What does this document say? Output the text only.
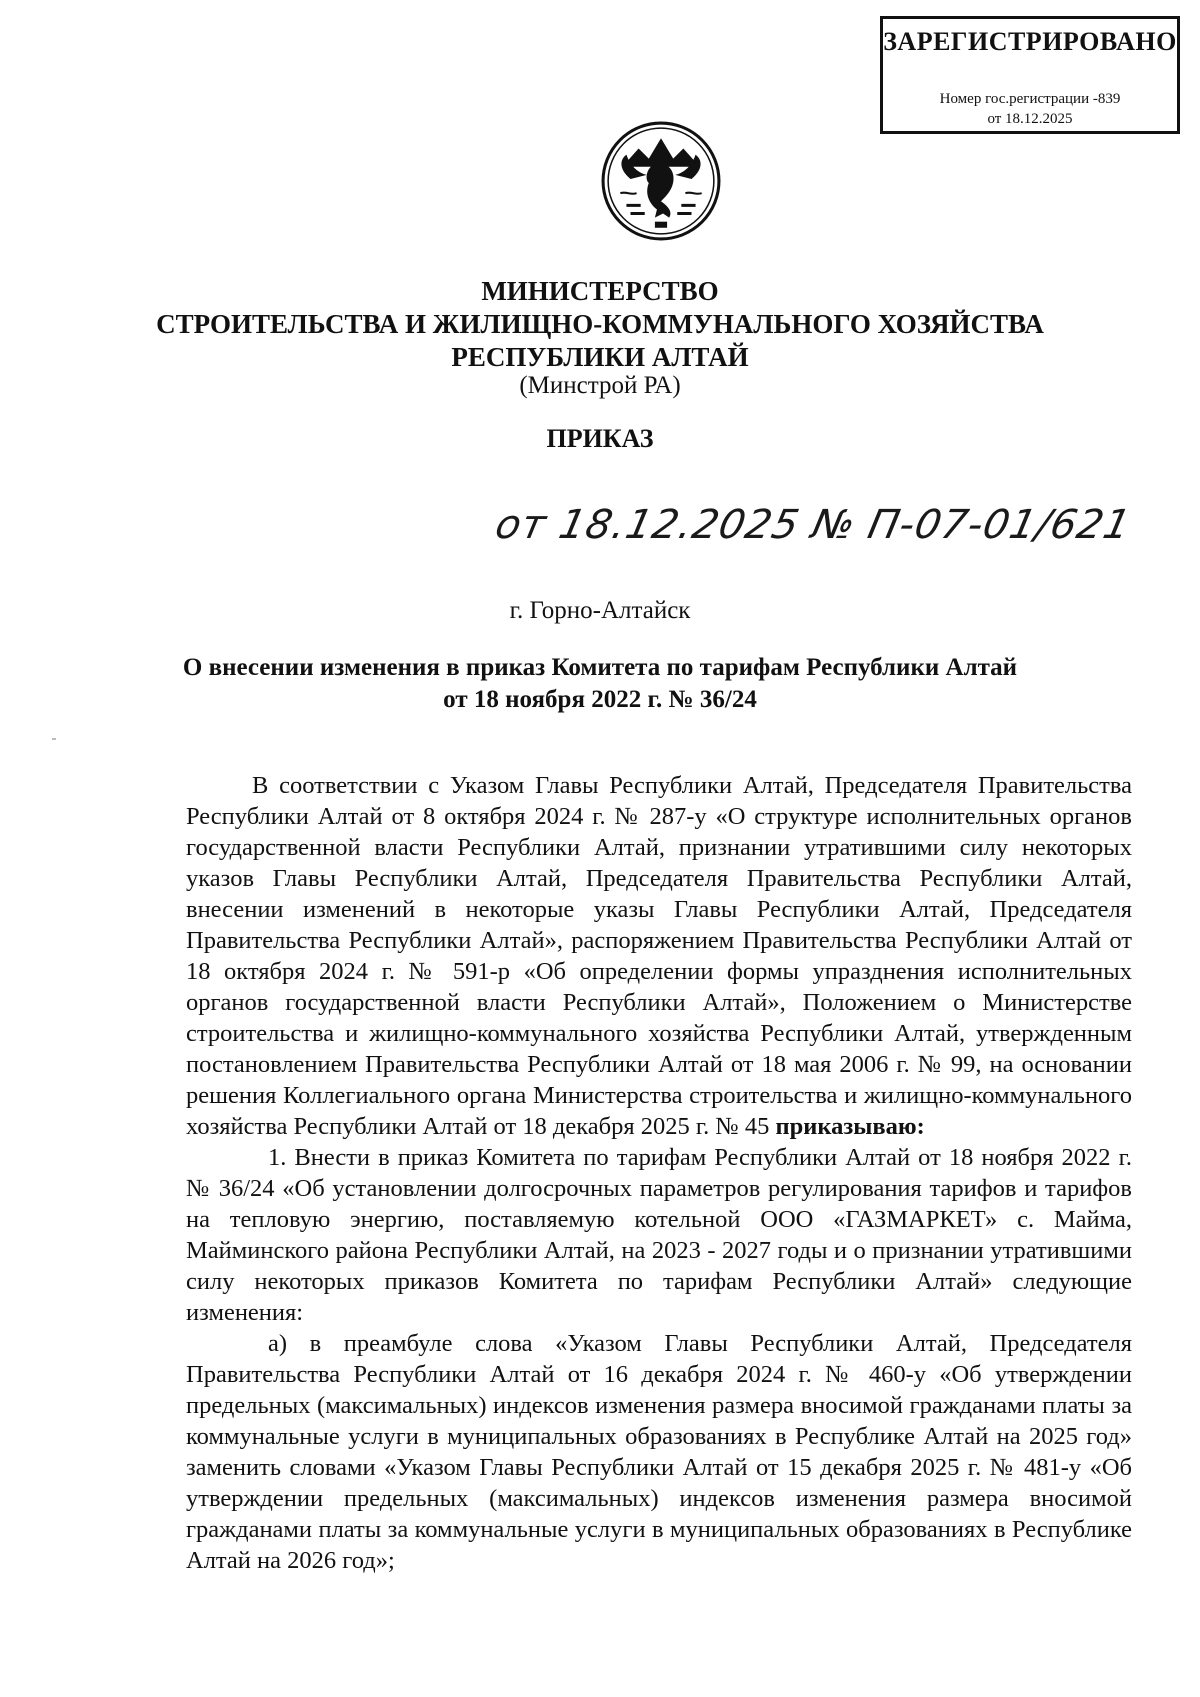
ЗАРЕГИСТРИРОВАНО
Номер гос.регистрации -839
от 18.12.2025
МИНИСТЕРСТВО
СТРОИТЕЛЬСТВА И ЖИЛИЩНО-КОММУНАЛЬНОГО ХОЗЯЙСТВА
РЕСПУБЛИКИ АЛТАЙ
(Минстрой РА)
ПРИКАЗ
от 18.12.2025 № П-07-01/621
г. Горно-Алтайск
О внесении изменения в приказ Комитета по тарифам Республики Алтай
от 18 ноября 2022 г. № 36/24

В соответствии с Указом Главы Республики Алтай, Председателя Правительства Республики Алтай от 8 октября 2024 г. № 287-у «О структуре исполнительных органов государственной власти Республики Алтай, признании утратившими силу некоторых указов Главы Республики Алтай, Председателя Правительства Республики Алтай, внесении изменений в некоторые указы Главы Республики Алтай, Председателя Правительства Республики Алтай», распоряжением Правительства Республики Алтай от 18 октября 2024 г. № 591-р «Об определении формы упразднения исполнительных органов государственной власти Республики Алтай», Положением о Министерстве строительства и жилищно-коммунального хозяйства Республики Алтай, утвержденным постановлением Правительства Республики Алтай от 18 мая 2006 г. № 99, на основании решения Коллегиального органа Министерства строительства и жилищно-коммунального хозяйства Республики Алтай от 18 декабря 2025 г. № 45 приказываю:

1. Внести в приказ Комитета по тарифам Республики Алтай от 18 ноября 2022 г. № 36/24 «Об установлении долгосрочных параметров регулирования тарифов и тарифов на тепловую энергию, поставляемую котельной ООО «ГАЗМАРКЕТ» с. Майма, Майминского района Республики Алтай, на 2023 - 2027 годы и о признании утратившими силу некоторых приказов Комитета по тарифам Республики Алтай» следующие изменения:

а) в преамбуле слова «Указом Главы Республики Алтай, Председателя Правительства Республики Алтай от 16 декабря 2024 г. № 460-у «Об утверждении предельных (максимальных) индексов изменения размера вносимой гражданами платы за коммунальные услуги в муниципальных образованиях в Республике Алтай на 2025 год» заменить словами «Указом Главы Республики Алтай от 15 декабря 2025 г. № 481-у «Об утверждении предельных (максимальных) индексов изменения размера вносимой гражданами платы за коммунальные услуги в муниципальных образованиях в Республике Алтай на 2026 год»;
